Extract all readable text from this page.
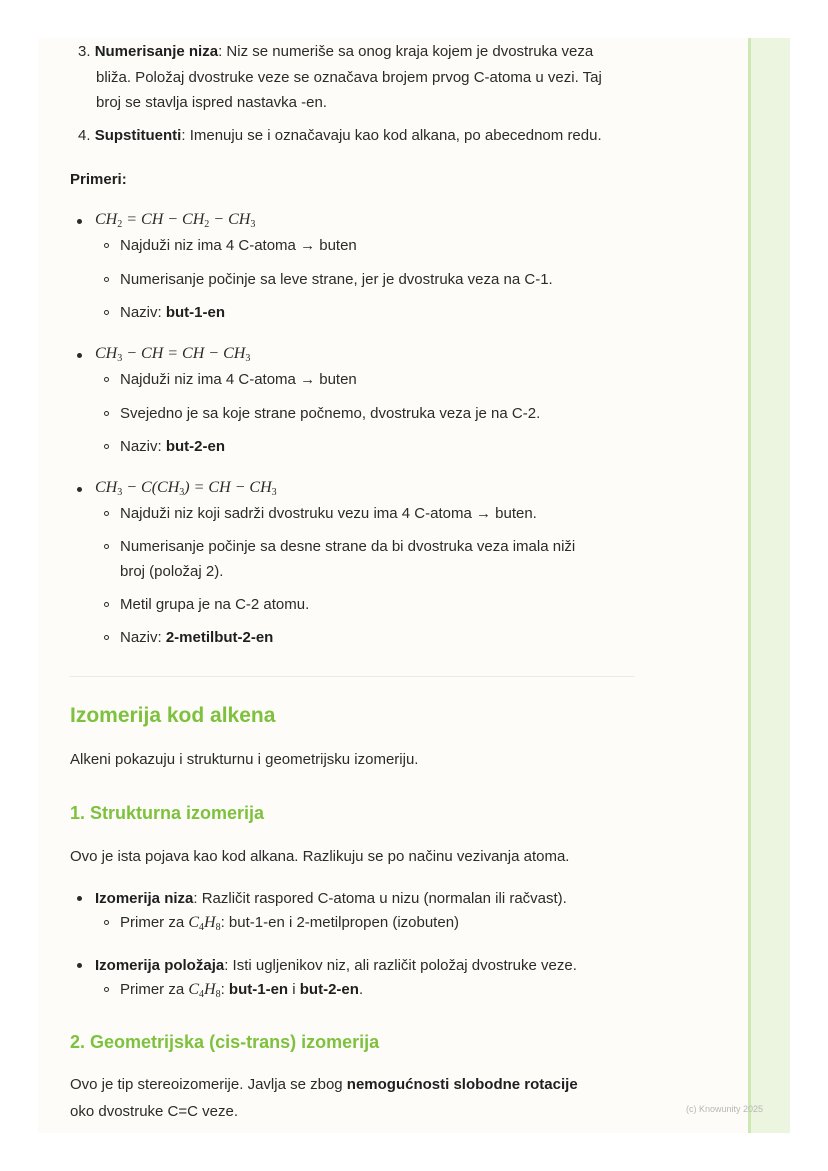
3. Numerisanje niza: Niz se numeriše sa onog kraja kojem je dvostruka veza
bliža. Položaj dvostruke veze se označava brojem prvog C-atoma u vezi. Taj
broj se stavlja ispred nastavka -en.
4. Supstituenti: Imenuju se i označavaju kao kod alkana, po abecednom redu.
Primeri:
$CH_2$ = CH − $CH_2 - CH_3$
Najduži niz ima 4 C-atoma → buten
Numerisanje počinje sa leve strane, jer je dvostruka veza na C-1.
Naziv: but-1-en
$CH_3$ − CH = CH − $CH_3$
Najduži niz ima 4 C-atoma → buten
Svejedno je sa koje strane počnemo, dvostruka veza je na C-2.
Naziv: but-2-en
$CH_3 - C(CH_3)$ = CH − $CH_3$
Najduži niz koji sadrži dvostruku vezu ima 4 C-atoma → buten.
Numerisanje počinje sa desne strane da bi dvostruka veza imala niži
broj (položaj 2).
Metil grupa je na C-2 atomu.
Naziv: 2-metilbut-2-en
Izomerija kod alkena
Alkeni pokazuju i strukturnu i geometrijsku izomeriju.
1. Strukturna izomerija
Ovo je ista pojava kao kod alkana. Razlikuju se po načinu vezivanja atoma.
Izomerija niza: Različit raspored C-atoma u nizu (normalan ili račvast).
Primer za $C_4H_8$: but-1-en i 2-metilpropen (izobuten)
Izomerija položaja: Isti ugljenikov niz, ali različit položaj dvostruke veze.
Primer za $C_4H_8$: but-1-en i but-2-en.
2. Geometrijska (cis-trans) izomerija
Ovo je tip stereoizomerije. Javlja se zbog nemogućnosti slobodne rotacije
oko dvostruke C=C veze.	(c) Knowunity 2025
